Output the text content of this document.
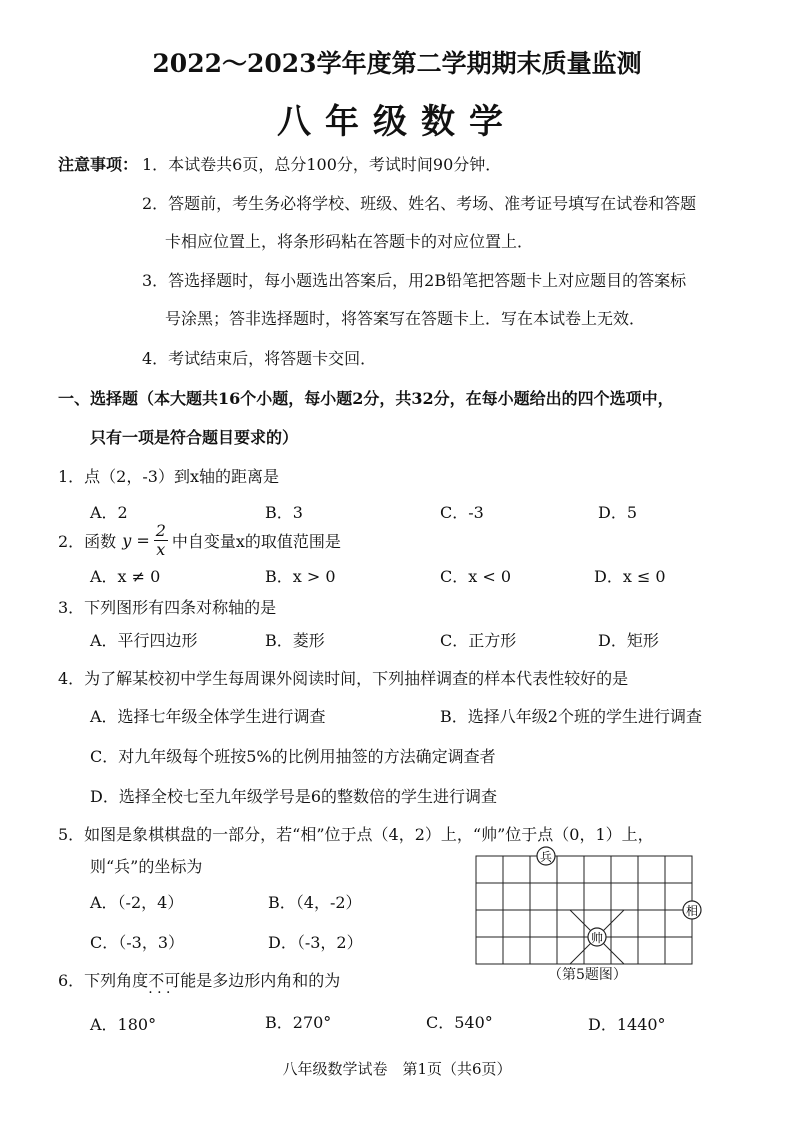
2022～2023学年度第二学期期末质量监测
八年级数学
注意事项： 1．本试卷共6页，总分100分，考试时间90分钟．
2．答题前，考生务必将学校、班级、姓名、考场、准考证号填写在试卷和答题
卡相应位置上，将条形码粘在答题卡的对应位置上．
3．答选择题时，每小题选出答案后，用2B铅笔把答题卡上对应题目的答案标
号涂黑；答非选择题时，将答案写在答题卡上．写在本试卷上无效．
4．考试结束后，将答题卡交回．
一、选择题（本大题共16个小题，每小题2分，共32分，在每小题给出的四个选项中，
只有一项是符合题目要求的）
1．点（2，-3）到x轴的距离是
A．2	B．3	C．-3	D．5
2．函数 $y = \frac{2}{x}$ 中自变量x的取值范围是
A．x ≠ 0	B．x > 0	C．x < 0	D．x ≤ 0
3．下列图形有四条对称轴的是
A．平行四边形	B．菱形	C．正方形	D．矩形
4．为了解某校初中学生每周课外阅读时间，下列抽样调查的样本代表性较好的是
A．选择七年级全体学生进行调查	B．选择八年级2个班的学生进行调查
C．对九年级每个班按5%的比例用抽签的方法确定调查者
D．选择全校七至九年级学号是6的整数倍的学生进行调查
5．如图是象棋棋盘的一部分，若“相”位于点（4，2）上，“帅”位于点（0，1）上，
则“兵”的坐标为
A．（-2，4）	B．（4，-2）
C．（-3，3）	D．（-3，2）
兵
帅
相
（第5题图）
6．下列角度不可能 · · ·是多边形内角和的为
A．180°	B．270°	C．540°	D．1440°
八年级数学试卷　第1页（共6页）
